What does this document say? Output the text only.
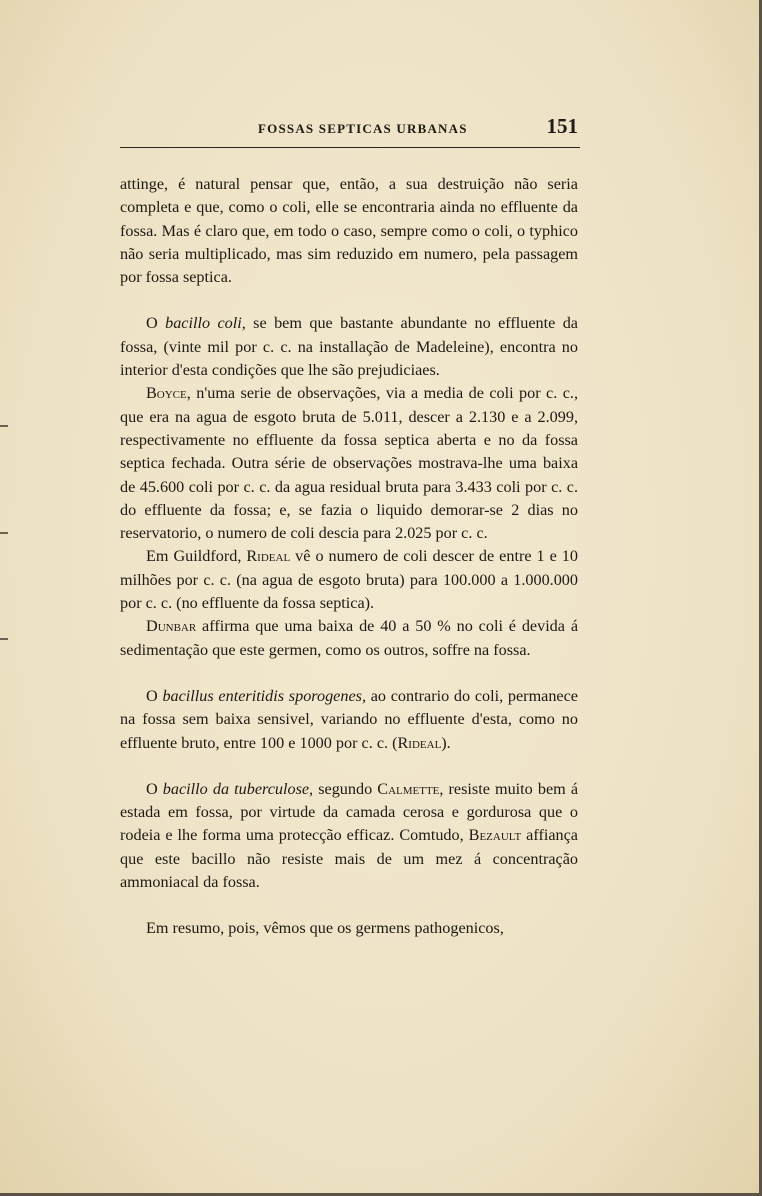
FOSSAS SEPTICAS URBANAS	151

attinge, é natural pensar que, então, a sua destruição não seria completa e que, como o coli, elle se encontraria ainda no effluente da fossa. Mas é claro que, em todo o caso, sempre como o coli, o typhico não seria multiplicado, mas sim reduzido em numero, pela passagem por fossa septica.

O bacillo coli, se bem que bastante abundante no effluente da fossa, (vinte mil por c. c. na installação de Madeleine), encontra no interior d'esta condições que lhe são prejudiciaes.

Boyce, n'uma serie de observações, via a media de coli por c. c., que era na agua de esgoto bruta de 5.011, descer a 2.130 e a 2.099, respectivamente no effluente da fossa septica aberta e no da fossa septica fechada. Outra série de observações mostrava-lhe uma baixa de 45.600 coli por c. c. da agua residual bruta para 3.433 coli por c. c. do effluente da fossa; e, se fazia o liquido demorar-se 2 dias no reservatorio, o numero de coli descia para 2.025 por c. c.

Em Guildford, Rideal vê o numero de coli descer de entre 1 e 10 milhões por c. c. (na agua de esgoto bruta) para 100.000 a 1.000.000 por c. c. (no effluente da fossa septica).

Dunbar affirma que uma baixa de 40 a 50 % no coli é devida á sedimentação que este germen, como os outros, soffre na fossa.

O bacillus enteritidis sporogenes, ao contrario do coli, permanece na fossa sem baixa sensivel, variando no effluente d'esta, como no effluente bruto, entre 100 e 1000 por c. c. (Rideal).

O bacillo da tuberculose, segundo Calmette, resiste muito bem á estada em fossa, por virtude da camada cerosa e gordurosa que o rodeia e lhe forma uma protecção efficaz. Comtudo, Bezault affiança que este bacillo não resiste mais de um mez á concentração ammoniacal da fossa.

Em resumo, pois, vêmos que os germens pathogenicos,
